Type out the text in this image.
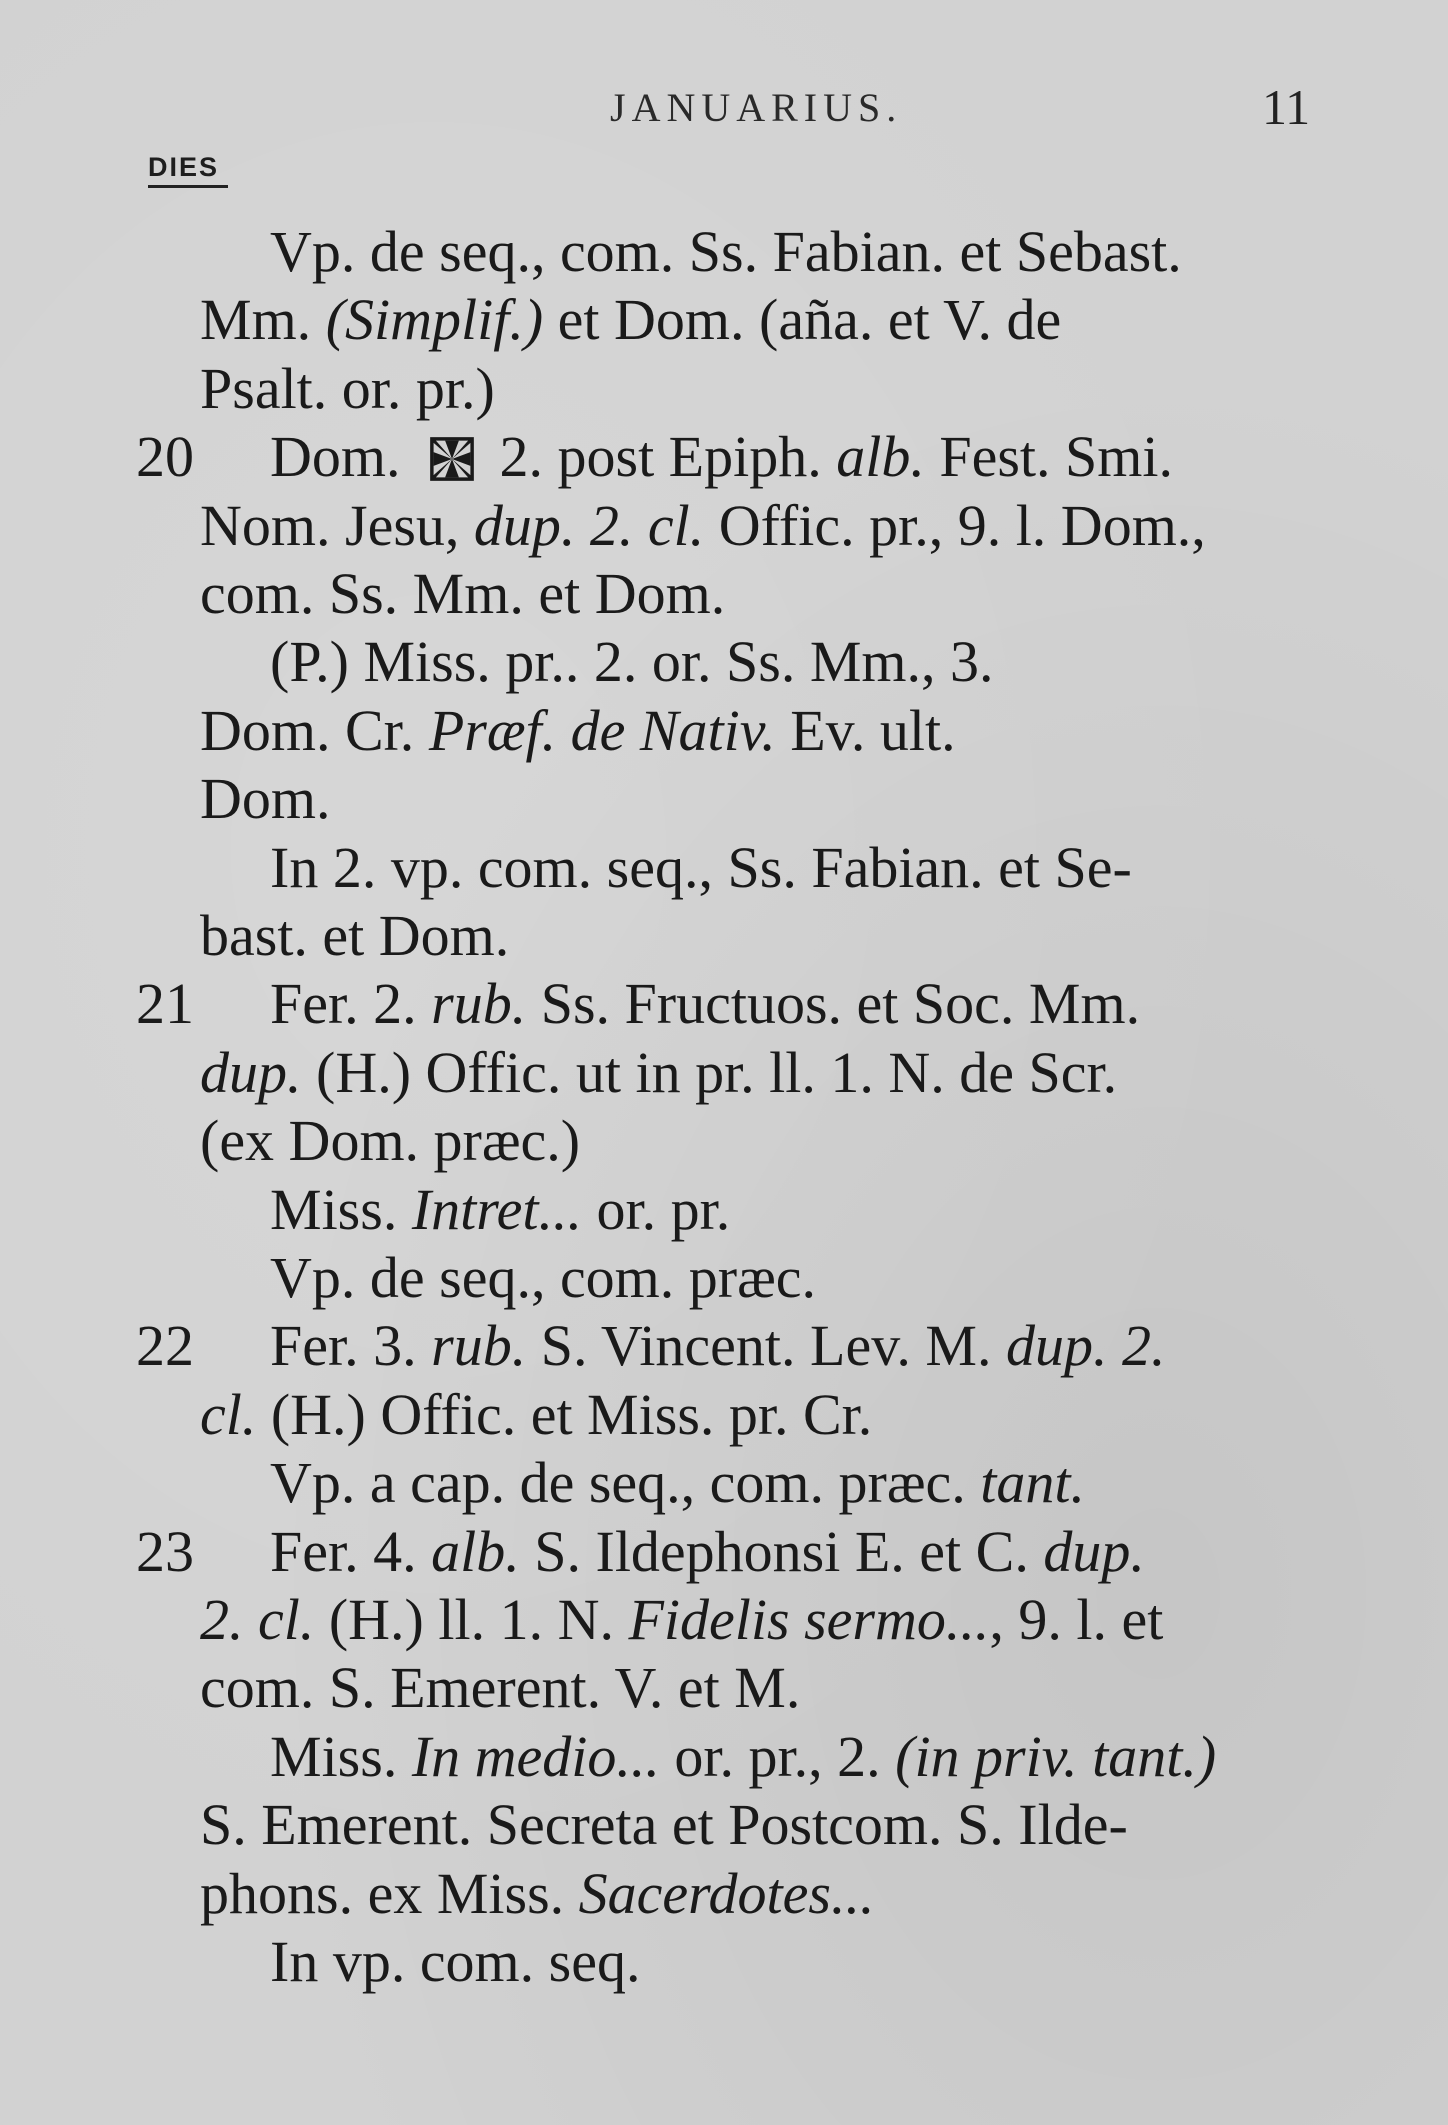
JANUARIUS.	11
DIES
Vp. de seq., com. Ss. Fabian. et Sebast.
Mm. (Simplif.) et Dom. (aña. et V. de
Psalt. or. pr.)
20 Dom.  2. post Epiph. alb. Fest. Smi.
Nom. Jesu, dup. 2. cl. Offic. pr., 9. l. Dom.,
com. Ss. Mm. et Dom.
(P.) Miss. pr.. 2. or. Ss. Mm., 3.
Dom. Cr. Præf. de Nativ. Ev. ult.
Dom.
In 2. vp. com. seq., Ss. Fabian. et Se-
bast. et Dom.
21 Fer. 2. rub. Ss. Fructuos. et Soc. Mm.
dup. (H.) Offic. ut in pr. ll. 1. N. de Scr.
(ex Dom. præc.)
Miss. Intret... or. pr.
Vp. de seq., com. præc.
22 Fer. 3. rub. S. Vincent. Lev. M. dup. 2.
cl. (H.) Offic. et Miss. pr. Cr.
Vp. a cap. de seq., com. præc. tant.
23 Fer. 4. alb. S. Ildephonsi E. et C. dup.
2. cl. (H.) ll. 1. N. Fidelis sermo..., 9. l. et
com. S. Emerent. V. et M.
Miss. In medio... or. pr., 2. (in priv. tant.)
S. Emerent. Secreta et Postcom. S. Ilde-
phons. ex Miss. Sacerdotes...
In vp. com. seq.
